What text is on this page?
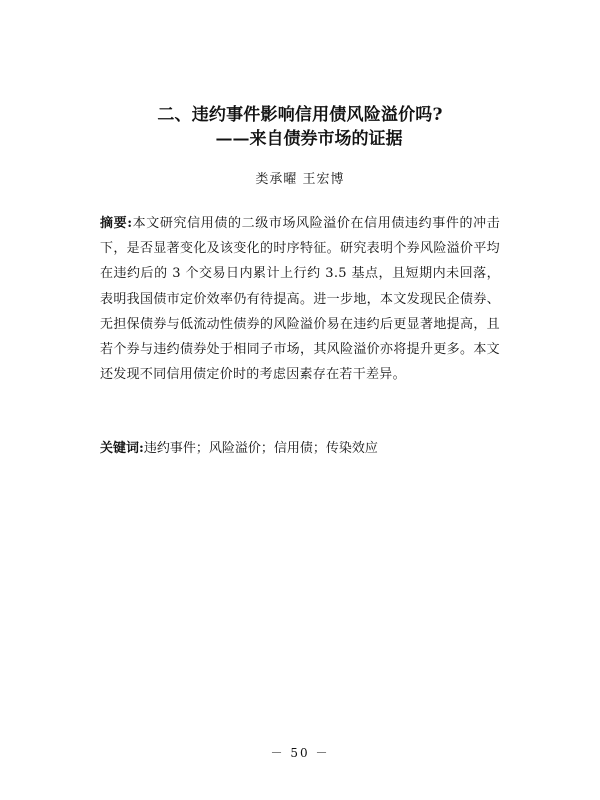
二、违约事件影响信用债风险溢价吗?
——来自债券市场的证据
类承曜 王宏博
摘要:本文研究信用债的二级市场风险溢价在信用债违约事件的冲击下，是否显著变化及该变化的时序特征。研究表明个券风险溢价平均在违约后的 3 个交易日内累计上行约 3.5 基点，且短期内未回落，表明我国债市定价效率仍有待提高。进一步地，本文发现民企债券、无担保债券与低流动性债券的风险溢价易在违约后更显著地提高，且若个券与违约债券处于相同子市场，其风险溢价亦将提升更多。本文还发现不同信用债定价时的考虑因素存在若干差异。
关键词:违约事件；风险溢价；信用债；传染效应
－ 50 －
